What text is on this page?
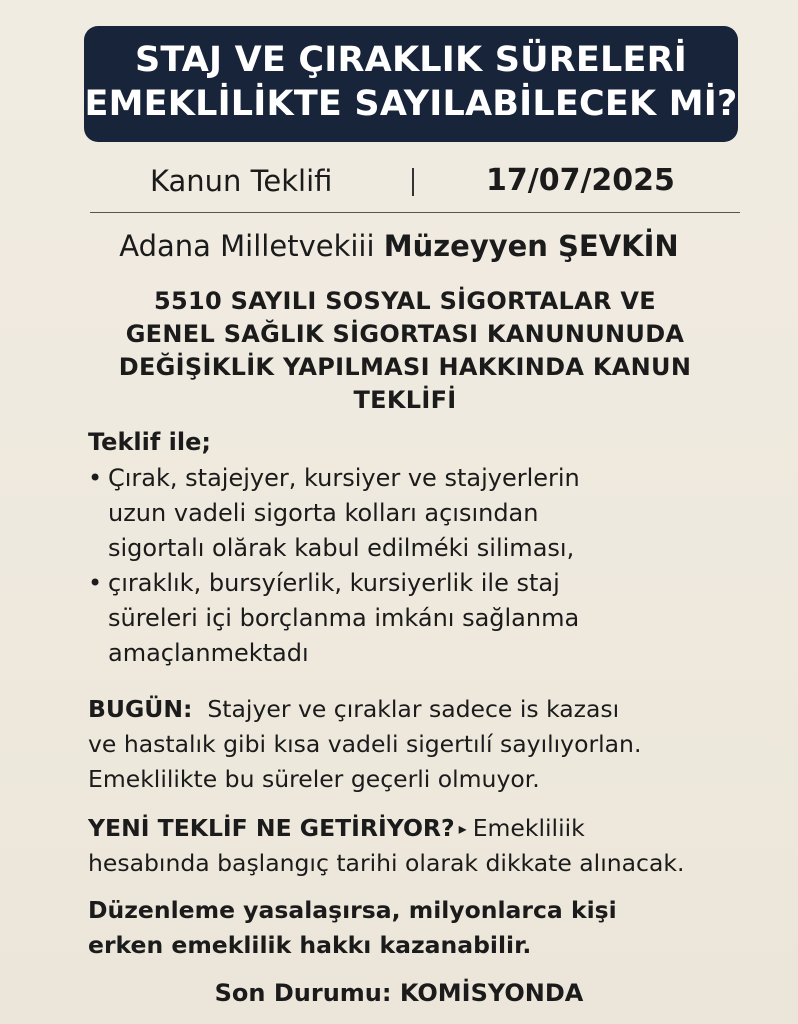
STAJ VE ÇIRAKLIK SÜRELERİ
EMEKLİLİKTE SAYILABİLECEK Mİ?
Kanun Teklifi	17/07/2025
Adana Milletvekiii Müzeyyen ŞEVKİN
5510 SAYILI SOSYAL SİGORTALAR VE
GENEL SAĞLIK SİGORTASI KANUNUNUDA
DEĞİŞİKLİK YAPILMASI HAKKINDA KANUN
TEKLİFİ
Teklif ile;
• Çırak, stajejyer, kursiyer ve stajyerlerin
uzun vadeli sigorta kolları açısından
sigortalı olărak kabul edilméki siliması,
• çıraklık, bursyíerlik, kursiyerlik ile staj
süreleri içi borçlanma imkánı sağlanma
amaçlanmektadı
BUGÜN: Stajyer ve çıraklar sadece is kazası
ve hastalık gibi kısa vadeli sigertılí sayılıyorlan.
Emeklilikte bu süreler geçerli olmuyor.
YENİ TEKLİF NE GETİRİYOR? ▸ Emekliliik
hesabında başlangıç tarihi olarak dikkate alınacak.
Düzenleme yasalaşırsa, milyonlarca kişi
erken emeklilik hakkı kazanabilir.
Son Durumu: KOMİSYONDA
